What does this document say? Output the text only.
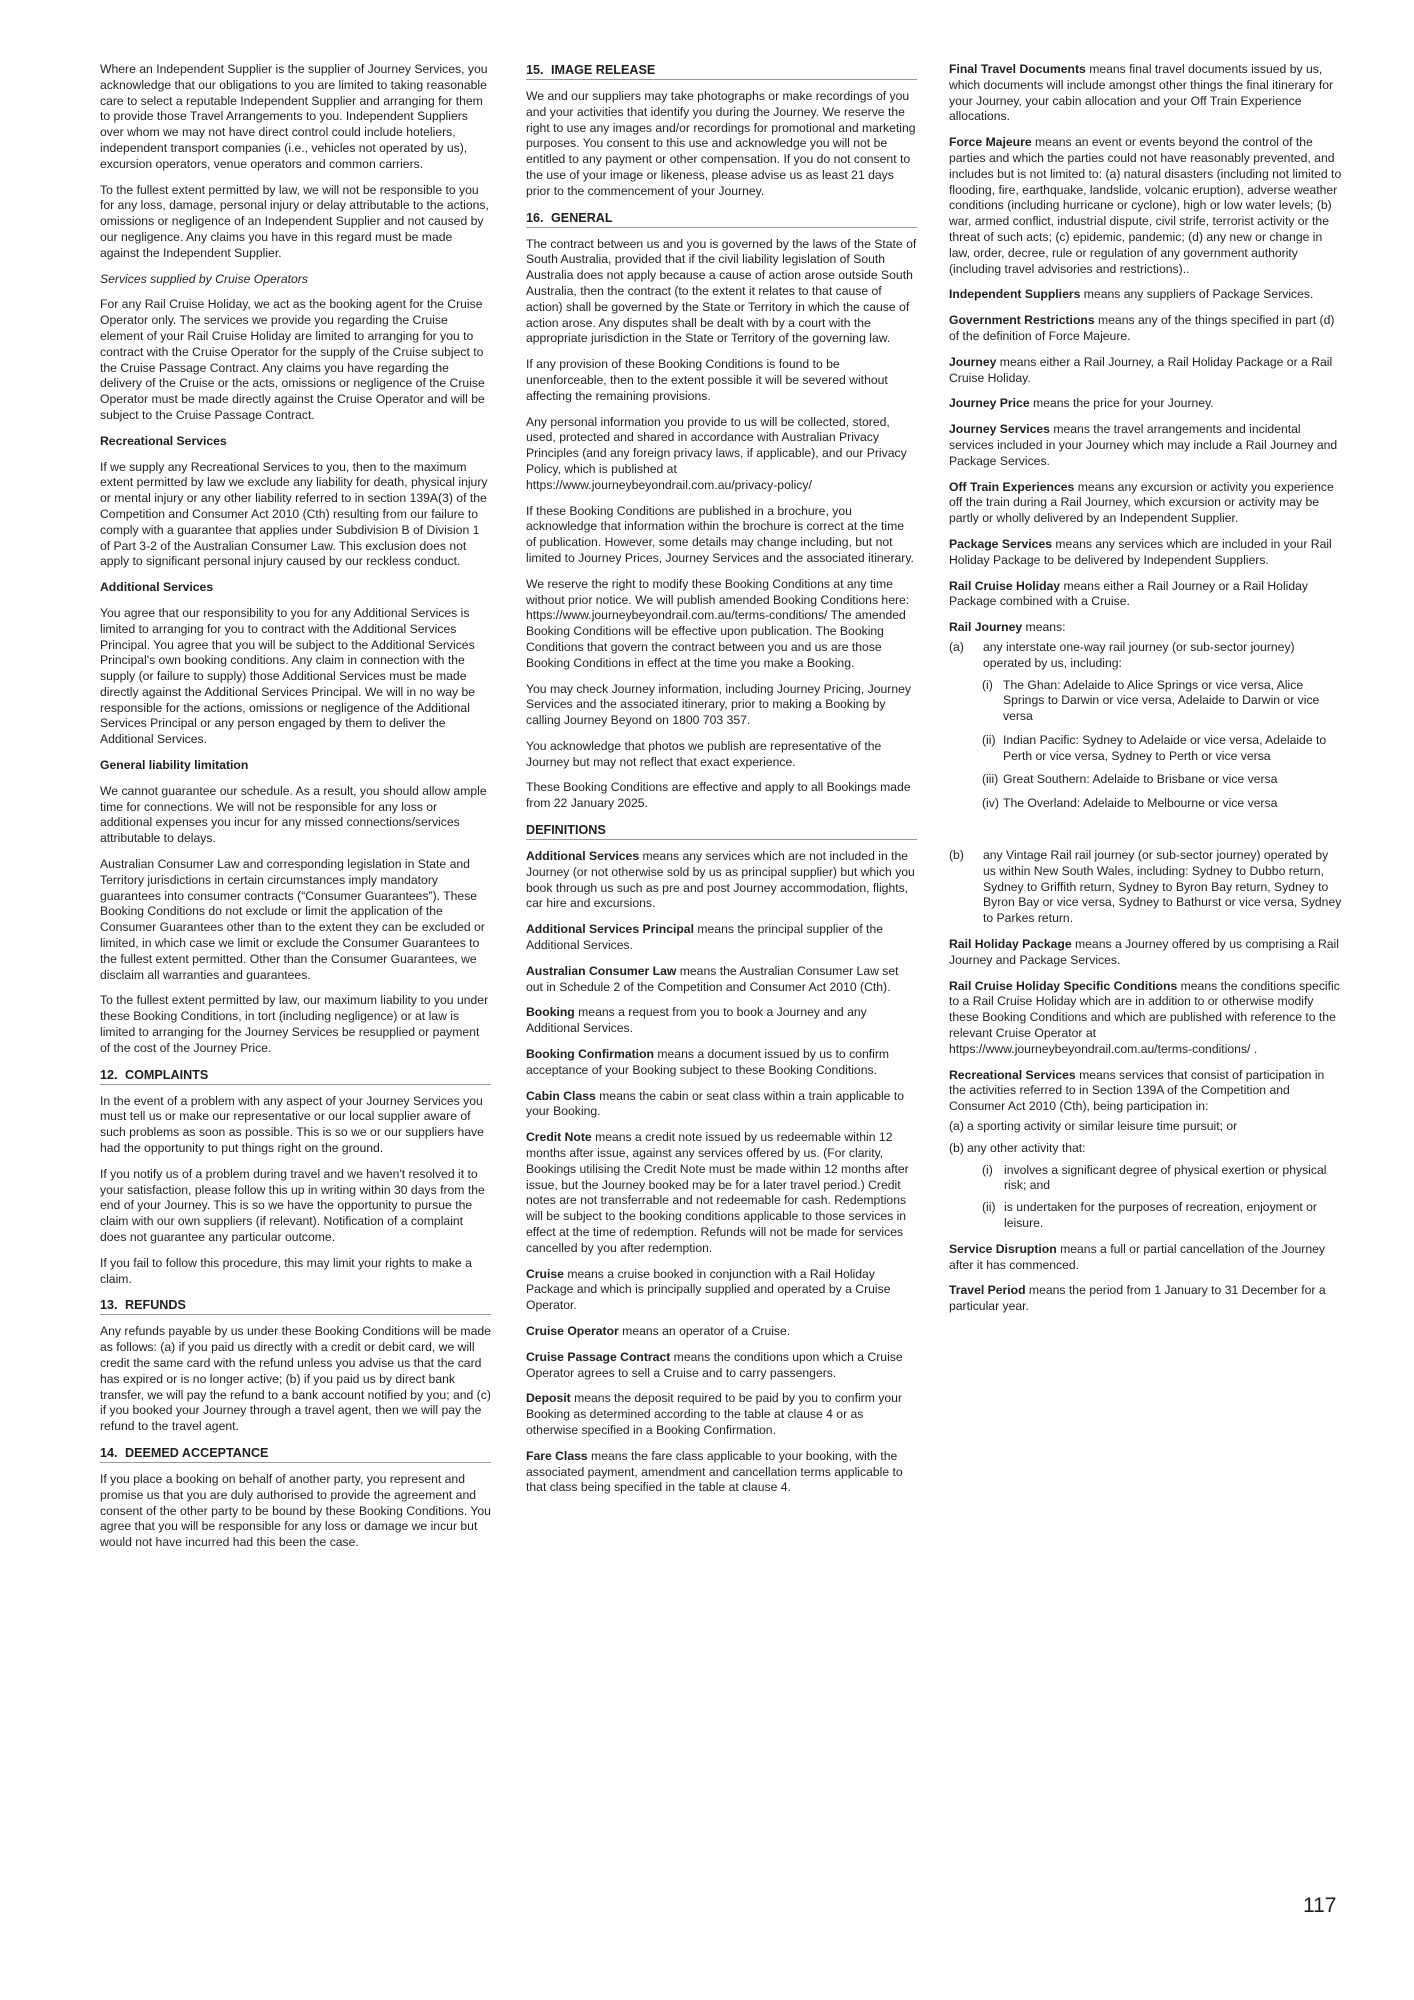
Where an Independent Supplier is the supplier of Journey Services, you acknowledge that our obligations to you are limited to taking reasonable care to select a reputable Independent Supplier and arranging for them to provide those Travel Arrangements to you. Independent Suppliers over whom we may not have direct control could include hoteliers, independent transport companies (i.e., vehicles not operated by us), excursion operators, venue operators and common carriers.

To the fullest extent permitted by law, we will not be responsible to you for any loss, damage, personal injury or delay attributable to the actions, omissions or negligence of an Independent Supplier and not caused by our negligence. Any claims you have in this regard must be made against the Independent Supplier.

Services supplied by Cruise Operators

For any Rail Cruise Holiday, we act as the booking agent for the Cruise Operator only. The services we provide you regarding the Cruise element of your Rail Cruise Holiday are limited to arranging for you to contract with the Cruise Operator for the supply of the Cruise subject to the Cruise Passage Contract. Any claims you have regarding the delivery of the Cruise or the acts, omissions or negligence of the Cruise Operator must be made directly against the Cruise Operator and will be subject to the Cruise Passage Contract.

Recreational Services

If we supply any Recreational Services to you, then to the maximum extent permitted by law we exclude any liability for death, physical injury or mental injury or any other liability referred to in section 139A(3) of the Competition and Consumer Act 2010 (Cth) resulting from our failure to comply with a guarantee that applies under Subdivision B of Division 1 of Part 3-2 of the Australian Consumer Law. This exclusion does not apply to significant personal injury caused by our reckless conduct.

Additional Services

You agree that our responsibility to you for any Additional Services is limited to arranging for you to contract with the Additional Services Principal. You agree that you will be subject to the Additional Services Principal's own booking conditions. Any claim in connection with the supply (or failure to supply) those Additional Services must be made directly against the Additional Services Principal. We will in no way be responsible for the actions, omissions or negligence of the Additional Services Principal or any person engaged by them to deliver the Additional Services.

General liability limitation

We cannot guarantee our schedule. As a result, you should allow ample time for connections. We will not be responsible for any loss or additional expenses you incur for any missed connections/services attributable to delays.

Australian Consumer Law and corresponding legislation in State and Territory jurisdictions in certain circumstances imply mandatory guarantees into consumer contracts (“Consumer Guarantees”). These Booking Conditions do not exclude or limit the application of the Consumer Guarantees other than to the extent they can be excluded or limited, in which case we limit or exclude the Consumer Guarantees to the fullest extent permitted. Other than the Consumer Guarantees, we disclaim all warranties and guarantees.

To the fullest extent permitted by law, our maximum liability to you under these Booking Conditions, in tort (including negligence) or at law is limited to arranging for the Journey Services be resupplied or payment of the cost of the Journey Price.

12. COMPLAINTS

In the event of a problem with any aspect of your Journey Services you must tell us or make our representative or our local supplier aware of such problems as soon as possible. This is so we or our suppliers have had the opportunity to put things right on the ground.

If you notify us of a problem during travel and we haven't resolved it to your satisfaction, please follow this up in writing within 30 days from the end of your Journey. This is so we have the opportunity to pursue the claim with our own suppliers (if relevant). Notification of a complaint does not guarantee any particular outcome.

If you fail to follow this procedure, this may limit your rights to make a claim.

13. REFUNDS

Any refunds payable by us under these Booking Conditions will be made as follows: (a) if you paid us directly with a credit or debit card, we will credit the same card with the refund unless you advise us that the card has expired or is no longer active; (b) if you paid us by direct bank transfer, we will pay the refund to a bank account notified by you; and (c) if you booked your Journey through a travel agent, then we will pay the refund to the travel agent.

14. DEEMED ACCEPTANCE

If you place a booking on behalf of another party, you represent and promise us that you are duly authorised to provide the agreement and consent of the other party to be bound by these Booking Conditions. You agree that you will be responsible for any loss or damage we incur but would not have incurred had this been the case.

15. IMAGE RELEASE

We and our suppliers may take photographs or make recordings of you and your activities that identify you during the Journey. We reserve the right to use any images and/or recordings for promotional and marketing purposes. You consent to this use and acknowledge you will not be entitled to any payment or other compensation. If you do not consent to the use of your image or likeness, please advise us as least 21 days prior to the commencement of your Journey.

16. GENERAL

The contract between us and you is governed by the laws of the State of South Australia, provided that if the civil liability legislation of South Australia does not apply because a cause of action arose outside South Australia, then the contract (to the extent it relates to that cause of action) shall be governed by the State or Territory in which the cause of action arose. Any disputes shall be dealt with by a court with the appropriate jurisdiction in the State or Territory of the governing law.

If any provision of these Booking Conditions is found to be unenforceable, then to the extent possible it will be severed without affecting the remaining provisions.

Any personal information you provide to us will be collected, stored, used, protected and shared in accordance with Australian Privacy Principles (and any foreign privacy laws, if applicable), and our Privacy Policy, which is published at https://www.journeybeyondrail.com.au/privacy-policy/

If these Booking Conditions are published in a brochure, you acknowledge that information within the brochure is correct at the time of publication. However, some details may change including, but not limited to Journey Prices, Journey Services and the associated itinerary.

We reserve the right to modify these Booking Conditions at any time without prior notice. We will publish amended Booking Conditions here: https://www.journeybeyondrail.com.au/terms-conditions/ The amended Booking Conditions will be effective upon publication. The Booking Conditions that govern the contract between you and us are those Booking Conditions in effect at the time you make a Booking.

You may check Journey information, including Journey Pricing, Journey Services and the associated itinerary, prior to making a Booking by calling Journey Beyond on 1800 703 357.

You acknowledge that photos we publish are representative of the Journey but may not reflect that exact experience.

These Booking Conditions are effective and apply to all Bookings made from 22 January 2025.

DEFINITIONS

Additional Services means any services which are not included in the Journey (or not otherwise sold by us as principal supplier) but which you book through us such as pre and post Journey accommodation, flights, car hire and excursions.

Additional Services Principal means the principal supplier of the Additional Services.

Australian Consumer Law means the Australian Consumer Law set out in Schedule 2 of the Competition and Consumer Act 2010 (Cth).

Booking means a request from you to book a Journey and any Additional Services.

Booking Confirmation means a document issued by us to confirm acceptance of your Booking subject to these Booking Conditions.

Cabin Class means the cabin or seat class within a train applicable to your Booking.

Credit Note means a credit note issued by us redeemable within 12 months after issue, against any services offered by us. (For clarity, Bookings utilising the Credit Note must be made within 12 months after issue, but the Journey booked may be for a later travel period.) Credit notes are not transferrable and not redeemable for cash. Redemptions will be subject to the booking conditions applicable to those services in effect at the time of redemption. Refunds will not be made for services cancelled by you after redemption.

Cruise means a cruise booked in conjunction with a Rail Holiday Package and which is principally supplied and operated by a Cruise Operator.

Cruise Operator means an operator of a Cruise.

Cruise Passage Contract means the conditions upon which a Cruise Operator agrees to sell a Cruise and to carry passengers.

Deposit means the deposit required to be paid by you to confirm your Booking as determined according to the table at clause 4 or as otherwise specified in a Booking Confirmation.

Fare Class means the fare class applicable to your booking, with the associated payment, amendment and cancellation terms applicable to that class being specified in the table at clause 4.

Final Travel Documents means final travel documents issued by us, which documents will include amongst other things the final itinerary for your Journey, your cabin allocation and your Off Train Experience allocations.

Force Majeure means an event or events beyond the control of the parties and which the parties could not have reasonably prevented, and includes but is not limited to: (a) natural disasters (including not limited to flooding, fire, earthquake, landslide, volcanic eruption), adverse weather conditions (including hurricane or cyclone), high or low water levels; (b) war, armed conflict, industrial dispute, civil strife, terrorist activity or the threat of such acts; (c) epidemic, pandemic; (d) any new or change in law, order, decree, rule or regulation of any government authority (including travel advisories and restrictions)..

Independent Suppliers means any suppliers of Package Services.

Government Restrictions means any of the things specified in part (d) of the definition of Force Majeure.

Journey means either a Rail Journey, a Rail Holiday Package or a Rail Cruise Holiday.

Journey Price means the price for your Journey.

Journey Services means the travel arrangements and incidental services included in your Journey which may include a Rail Journey and Package Services.

Off Train Experiences means any excursion or activity you experience off the train during a Rail Journey, which excursion or activity may be partly or wholly delivered by an Independent Supplier.

Package Services means any services which are included in your Rail Holiday Package to be delivered by Independent Suppliers.

Rail Cruise Holiday means either a Rail Journey or a Rail Holiday Package combined with a Cruise.

Rail Journey means:

(a)	any interstate one-way rail journey (or sub-sector journey) operated by us, including:
(i) The Ghan: Adelaide to Alice Springs or vice versa, Alice Springs to Darwin or vice versa, Adelaide to Darwin or vice versa
(ii) Indian Pacific: Sydney to Adelaide or vice versa, Adelaide to Perth or vice versa, Sydney to Perth or vice versa
(iii) Great Southern: Adelaide to Brisbane or vice versa
(iv) The Overland: Adelaide to Melbourne or vice versa
(b)	any Vintage Rail rail journey (or sub-sector journey) operated by us within New South Wales, including: Sydney to Dubbo return, Sydney to Griffith return, Sydney to Byron Bay return, Sydney to Byron Bay or vice versa, Sydney to Bathurst or vice versa, Sydney to Parkes return.

Rail Holiday Package means a Journey offered by us comprising a Rail Journey and Package Services.

Rail Cruise Holiday Specific Conditions means the conditions specific to a Rail Cruise Holiday which are in addition to or otherwise modify these Booking Conditions and which are published with reference to the relevant Cruise Operator at https://www.journeybeyondrail.com.au/terms-conditions/ .

Recreational Services means services that consist of participation in the activities referred to in Section 139A of the Competition and Consumer Act 2010 (Cth), being participation in:

(a) a sporting activity or similar leisure time pursuit; or
(b) any other activity that:
(i) involves a significant degree of physical exertion or physical risk; and
(ii) is undertaken for the purposes of recreation, enjoyment or leisure.

Service Disruption means a full or partial cancellation of the Journey after it has commenced.

Travel Period means the period from 1 January to 31 December for a particular year.

117
